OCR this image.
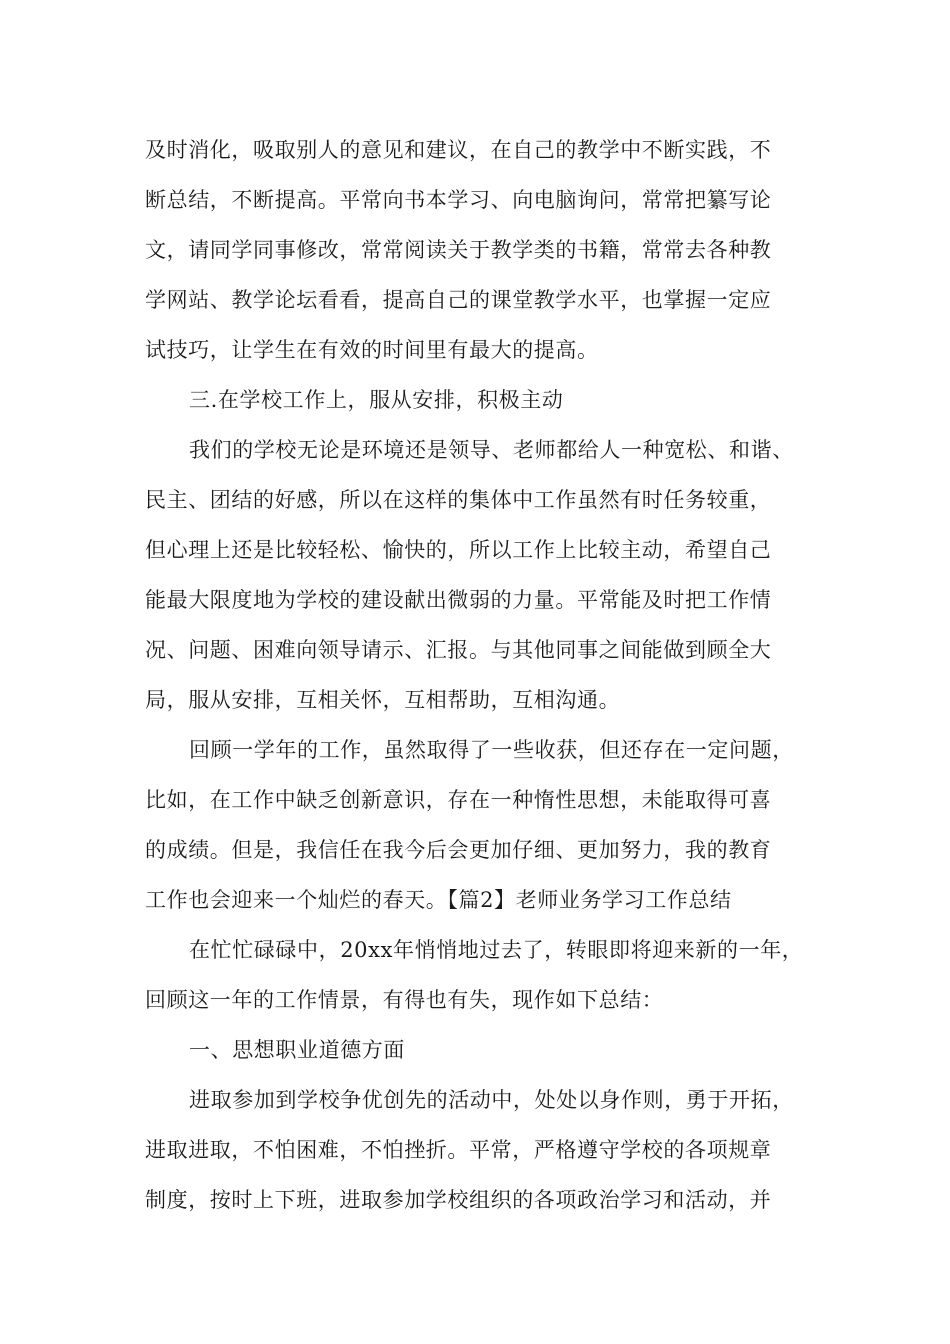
及时消化，吸取别人的意见和建议，在自己的教学中不断实践，不
断总结，不断提高。平常向书本学习、向电脑询问，常常把纂写论
文，请同学同事修改，常常阅读关于教学类的书籍，常常去各种教
学网站、教学论坛看看，提高自己的课堂教学水平，也掌握一定应
试技巧，让学生在有效的时间里有最大的提高。
三.在学校工作上，服从安排，积极主动
我们的学校无论是环境还是领导、老师都给人一种宽松、和谐、
民主、团结的好感，所以在这样的集体中工作虽然有时任务较重，
但心理上还是比较轻松、愉快的，所以工作上比较主动，希望自己
能最大限度地为学校的建设献出微弱的力量。平常能及时把工作情
况、问题、困难向领导请示、汇报。与其他同事之间能做到顾全大
局，服从安排，互相关怀，互相帮助，互相沟通。
回顾一学年的工作，虽然取得了一些收获，但还存在一定问题，
比如，在工作中缺乏创新意识，存在一种惰性思想，未能取得可喜
的成绩。但是，我信任在我今后会更加仔细、更加努力，我的教育
工作也会迎来一个灿烂的春天。【篇2】老师业务学习工作总结
在忙忙碌碌中，20xx年悄悄地过去了，转眼即将迎来新的一年，
回顾这一年的工作情景，有得也有失，现作如下总结：
一、思想职业道德方面
进取参加到学校争优创先的活动中，处处以身作则，勇于开拓，
进取进取，不怕困难，不怕挫折。平常，严格遵守学校的各项规章
制度，按时上下班，进取参加学校组织的各项政治学习和活动，并
